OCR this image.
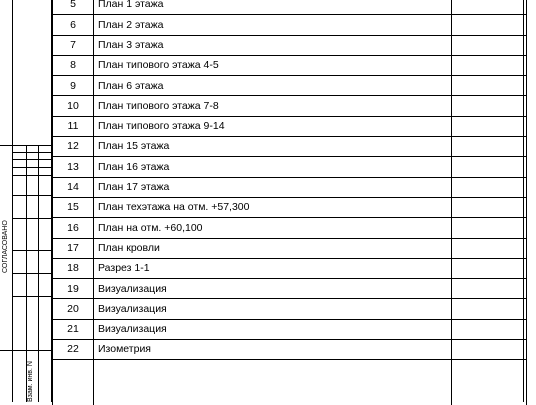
СОГЛАСОВАНО
Взам. инв. N
5	План 1 этажа	
6	План 2 этажа	
7	План 3 этажа	
8	План типового этажа 4-5	
9	План 6 этажа	
10	План типового этажа 7-8	
11	План типового этажа 9-14	
12	План 15 этажа	
13	План 16 этажа	
14	План 17 этажа	
15	План техэтажа на отм. +57,300	
16	План на отм. +60,100	
17	План кровли	
18	Разрез 1-1	
19	Визуализация	
20	Визуализация	
21	Визуализация	
22	Изометрия	
